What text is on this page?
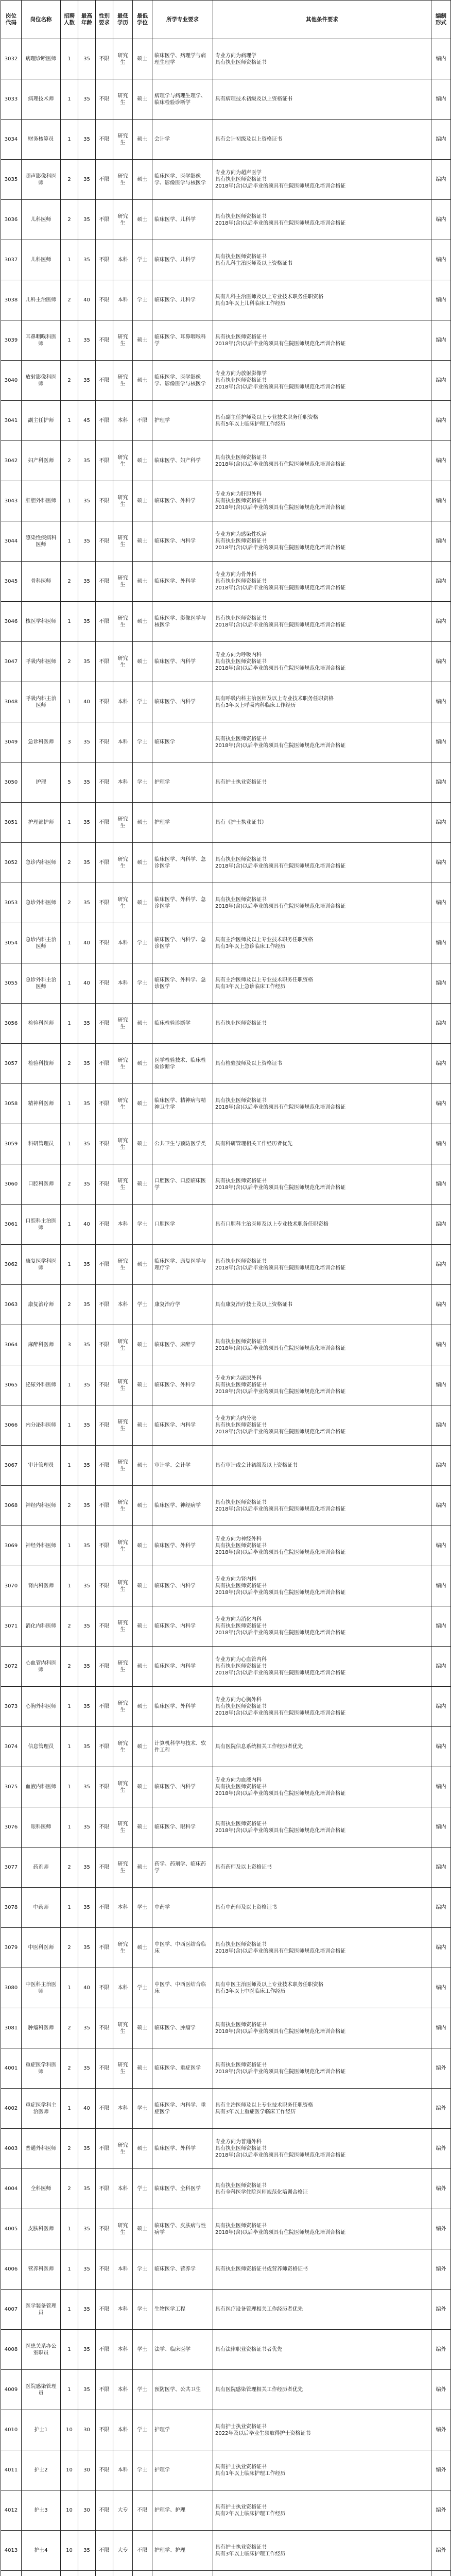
岗位代码	岗位名称	招聘人数	最高年龄	性别要求	最低学历	最低学位	所学专业要求	其他条件要求	编制形式
3032	病理诊断医师	1	35	不限	研究生	硕士	临床医学、病理学与病理生理学	专业方向为病理学
具有执业医师资格证书	编内
3033	病理技术师	1	35	不限	研究生	硕士	病理学与病理生理学、临床检验诊断学	具有病理技术初级及以上资格证书	编内
3034	财务核算员	1	35	不限	研究生	硕士	会计学	具有会计初级及以上资格证书	编内
3035	超声影像科医师	2	35	不限	研究生	硕士	临床医学、医学影像学、影像医学与核医学	专业方向为超声医学
具有执业医师资格证书
2018年(含)以后毕业的须具有住院医师规范化培训合格证	编内
3036	儿科医师	2	35	不限	研究生	硕士	临床医学、儿科学	具有执业医师资格证书
2018年(含)以后毕业的须具有住院医师规范化培训合格证	编内
3037	儿科医师	1	35	不限	本科	学士	临床医学、儿科学	具有执业医师资格证书
具有儿科主治医师及以上资格证书	编内
3038	儿科主治医师	2	40	不限	本科	学士	临床医学、儿科学	具有儿科主治医师及以上专业技术职务任职资格
具有3年以上儿科临床工作经历	编内
3039	耳鼻咽喉科医师	1	35	不限	研究生	硕士	临床医学、耳鼻咽喉科学	具有执业医师资格证书
2018年(含)以后毕业的须具有住院医师规范化培训合格证	编内
3040	放射影像科医师	2	35	不限	研究生	硕士	临床医学、医学影像学、影像医学与核医学	专业方向为放射影像学
具有执业医师资格证书
2018年(含)以后毕业的须具有住院医师规范化培训合格证	编内
3041	副主任护师	1	45	不限	本科	不限	护理学	具有副主任护师及以上专业技术职务任职资格
具有5年以上临床护理工作经历	编内
3042	妇产科医师	2	35	不限	研究生	硕士	临床医学、妇产科学	具有执业医师资格证书
2018年(含)以后毕业的须具有住院医师规范化培训合格证	编内
3043	肝胆外科医师	1	35	不限	研究生	硕士	临床医学、外科学	专业方向为肝胆外科
具有执业医师资格证书
2018年(含)以后毕业的须具有住院医师规范化培训合格证	编内
3044	感染性疾病科医师	1	35	不限	研究生	硕士	临床医学、内科学	专业方向为感染性疾病
具有执业医师资格证书
2018年(含)以后毕业的须具有住院医师规范化培训合格证	编内
3045	骨科医师	2	35	不限	研究生	硕士	临床医学、外科学	专业方向为骨外科
具有执业医师资格证书
2018年(含)以后毕业的须具有住院医师规范化培训合格证	编内
3046	核医学科医师	1	35	不限	研究生	硕士	临床医学、影像医学与核医学	具有执业医师资格证书
2018年(含)以后毕业的须具有住院医师规范化培训合格证	编内
3047	呼吸内科医师	2	35	不限	研究生	硕士	临床医学、内科学	专业方向为呼吸内科
具有执业医师资格证书
2018年(含)以后毕业的须具有住院医师规范化培训合格证	编内
3048	呼吸内科主治医师	1	40	不限	本科	学士	临床医学、内科学	具有呼吸内科主治医师及以上专业技术职务任职资格
具有3年以上呼吸内科临床工作经历	编内
3049	急诊科医师	3	35	不限	本科	学士	临床医学	具有执业医师资格证书
2018年(含)以后毕业的须具有住院医师规范化培训合格证	编内
3050	护理	5	35	不限	本科	学士	护理学	具有护士执业资格证书	编内
3051	护理部护师	1	35	不限	研究生	硕士	护理学	具有《护士执业证书》	编内
3052	急诊内科医师	2	35	不限	研究生	硕士	临床医学、内科学、急诊医学	具有执业医师资格证书
2018年(含)以后毕业的须具有住院医师规范化培训合格证	编内
3053	急诊外科医师	2	35	不限	研究生	硕士	临床医学、外科学、急诊医学	具有执业医师资格证书
2018年(含)以后毕业的须具有住院医师规范化培训合格证	编内
3054	急诊内科主治医师	1	40	不限	本科	学士	临床医学、内科学、急诊医学	具有主治医师及以上专业技术职务任职资格
具有3年以上急诊临床工作经历	编内
3055	急诊外科主治医师	1	40	不限	本科	学士	临床医学、外科学、急诊医学	具有主治医师及以上专业技术职务任职资格
具有3年以上急诊临床工作经历	编内
3056	检验科医师	1	35	不限	研究生	硕士	临床检验诊断学	具有执业医师资格证书	编内
3057	检验科技师	2	35	不限	研究生	硕士	医学检验技术、临床检验诊断学	具有检验技师及以上资格证书	编内
3058	精神科医师	1	35	不限	研究生	硕士	临床医学、精神病与精神卫生学	具有执业医师资格证书
2018年(含)以后毕业的须具有住院医师规范化培训合格证	编内
3059	科研管理员	1	35	不限	研究生	硕士	公共卫生与预防医学类	具有科研管理相关工作经历者优先	编内
3060	口腔科医师	2	35	不限	研究生	硕士	口腔医学、口腔临床医学	具有执业医师资格证书
2018年(含)以后毕业的须具有住院医师规范化培训合格证	编内
3061	口腔科主治医师	1	40	不限	本科	学士	口腔医学	具有口腔科主治医师及以上专业技术职务任职资格	编内
3062	康复医学科医师	1	35	不限	研究生	硕士	临床医学、康复医学与理疗学	具有执业医师资格证书
2018年(含)以后毕业的须具有住院医师规范化培训合格证	编内
3063	康复治疗师	2	35	不限	本科	学士	康复治疗学	具有康复治疗技士及以上资格证书	编内
3064	麻醉科医师	3	35	不限	研究生	硕士	临床医学、麻醉学	具有执业医师资格证书
2018年(含)以后毕业的须具有住院医师规范化培训合格证	编内
3065	泌尿外科医师	1	35	不限	研究生	硕士	临床医学、外科学	专业方向为泌尿外科
具有执业医师资格证书
2018年(含)以后毕业的须具有住院医师规范化培训合格证	编内
3066	内分泌科医师	1	35	不限	研究生	硕士	临床医学、内科学	专业方向为内分泌
具有执业医师资格证书
2018年(含)以后毕业的须具有住院医师规范化培训合格证	编内
3067	审计管理员	1	35	不限	研究生	硕士	审计学、会计学	具有审计或会计初级及以上资格证书	编内
3068	神经内科医师	2	35	不限	研究生	硕士	临床医学、神经病学	具有执业医师资格证书
2018年(含)以后毕业的须具有住院医师规范化培训合格证	编内
3069	神经外科医师	1	35	不限	研究生	硕士	临床医学、外科学	专业方向为神经外科
具有执业医师资格证书
2018年(含)以后毕业的须具有住院医师规范化培训合格证	编内
3070	肾内科医师	1	35	不限	研究生	硕士	临床医学、内科学	专业方向为肾内科
具有执业医师资格证书
2018年(含)以后毕业的须具有住院医师规范化培训合格证	编内
3071	消化内科医师	2	35	不限	研究生	硕士	临床医学、内科学	专业方向为消化内科
具有执业医师资格证书
2018年(含)以后毕业的须具有住院医师规范化培训合格证	编内
3072	心血管内科医师	2	35	不限	研究生	硕士	临床医学、内科学	专业方向为心血管内科
具有执业医师资格证书
2018年(含)以后毕业的须具有住院医师规范化培训合格证	编内
3073	心胸外科医师	1	35	不限	研究生	硕士	临床医学、外科学	专业方向为心胸外科
具有执业医师资格证书
2018年(含)以后毕业的须具有住院医师规范化培训合格证	编内
3074	信息管理员	1	35	不限	研究生	硕士	计算机科学与技术、软件工程	具有医院信息系统相关工作经历者优先	编内
3075	血液内科医师	1	35	不限	研究生	硕士	临床医学、内科学	专业方向为血液内科
具有执业医师资格证书
2018年(含)以后毕业的须具有住院医师规范化培训合格证	编内
3076	眼科医师	1	35	不限	研究生	硕士	临床医学、眼科学	具有执业医师资格证书
2018年(含)以后毕业的须具有住院医师规范化培训合格证	编内
3077	药剂师	2	35	不限	研究生	硕士	药学、药剂学、临床药学	具有药师及以上资格证书	编内
3078	中药师	1	35	不限	本科	学士	中药学	具有中药师及以上资格证书	编内
3079	中医科医师	2	35	不限	研究生	硕士	中医学、中西医结合临床	具有执业医师资格证书
2018年(含)以后毕业的须具有住院医师规范化培训合格证	编内
3080	中医科主治医师	1	40	不限	本科	学士	中医学、中西医结合临床	具有中医主治医师及以上专业技术职务任职资格
具有3年以上中医临床工作经历	编内
3081	肿瘤科医师	2	35	不限	研究生	硕士	临床医学、肿瘤学	具有执业医师资格证书
2018年(含)以后毕业的须具有住院医师规范化培训合格证	编内
4001	重症医学科医师	2	35	不限	研究生	硕士	临床医学、重症医学	具有执业医师资格证书
2018年(含)以后毕业的须具有住院医师规范化培训合格证	编外
4002	重症医学科主治医师	1	40	不限	本科	学士	临床医学、内科学、重症医学	具有主治医师及以上专业技术职务任职资格
具有3年以上重症医学临床工作经历	编外
4003	普通外科医师	2	35	不限	研究生	硕士	临床医学、外科学	专业方向为普通外科
具有执业医师资格证书
2018年(含)以后毕业的须具有住院医师规范化培训合格证	编外
4004	全科医师	2	35	不限	本科	学士	临床医学、全科医学	具有执业医师资格证书
具有全科医学住院医师规范化培训合格证	编外
4005	皮肤科医师	1	35	不限	研究生	硕士	临床医学、皮肤病与性病学	具有执业医师资格证书
2018年(含)以后毕业的须具有住院医师规范化培训合格证	编外
4006	营养科医师	1	35	不限	本科	学士	临床医学、营养学	具有执业医师资格证书或营养师资格证书	编外
4007	医学装备管理员	1	35	不限	本科	学士	生物医学工程	具有医疗设备管理相关工作经历者优先	编外
4008	医患关系办公室职员	1	35	不限	本科	学士	法学、临床医学	具有法律职业资格证书者优先	编外
4009	医院感染管理员	1	35	不限	本科	学士	预防医学、公共卫生	具有医院感染管理相关工作经历者优先	编外
4010	护士1	10	30	不限	本科	学士	护理学	具有护士执业资格证书
2022年及以后毕业生须取得护士资格证书	编外
4011	护士2	10	30	不限	本科	学士	护理学	具有护士执业资格证书
具有1年以上临床护理工作经历	编外
4012	护士3	10	30	不限	大专	不限	护理学、护理	具有护士执业资格证书
具有2年以上临床护理工作经历	编外
4013	护士4	10	35	不限	大专	不限	护理学、护理	具有护士执业资格证书
具有3年以上临床护理工作经历	编外
